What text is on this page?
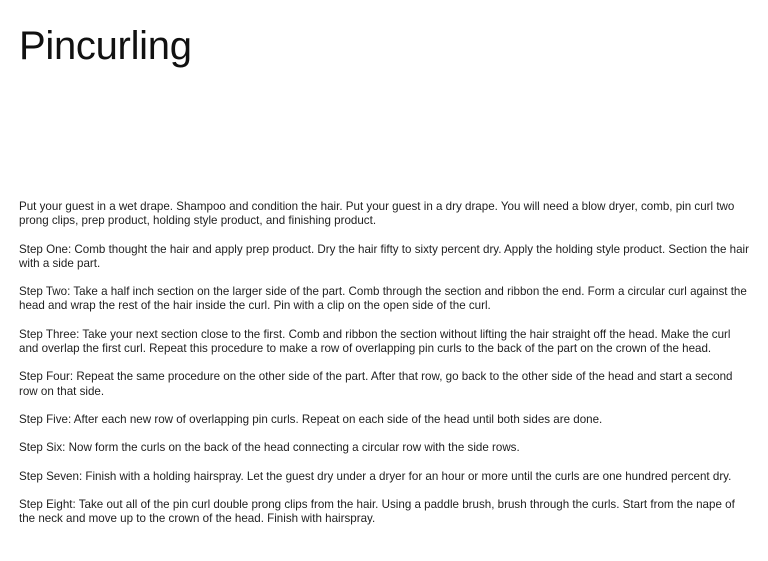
Pincurling

Put your guest in a wet drape. Shampoo and condition the hair. Put your guest in a dry drape. You will need a blow dryer, comb, pin curl two prong clips, prep product, holding style product, and finishing product.

Step One: Comb thought the hair and apply prep product. Dry the hair fifty to sixty percent dry. Apply the holding style product. Section the hair with a side part.

Step Two: Take a half inch section on the larger side of the part. Comb through the section and ribbon the end. Form a circular curl against the head and wrap the rest of the hair inside the curl. Pin with a clip on the open side of the curl.

Step Three: Take your next section close to the first. Comb and ribbon the section without lifting the hair straight off the head. Make the curl and overlap the first curl. Repeat this procedure to make a row of overlapping pin curls to the back of the part on the crown of the head.

Step Four: Repeat the same procedure on the other side of the part. After that row, go back to the other side of the head and start a second row on that side.

Step Five: After each new row of overlapping pin curls. Repeat on each side of the head until both sides are done.

Step Six: Now form the curls on the back of the head connecting a circular row with the side rows.

Step Seven: Finish with a holding hairspray. Let the guest dry under a dryer for an hour or more until the curls are one hundred percent dry.

Step Eight: Take out all of the pin curl double prong clips from the hair. Using a paddle brush, brush through the curls. Start from the nape of the neck and move up to the crown of the head. Finish with hairspray.
